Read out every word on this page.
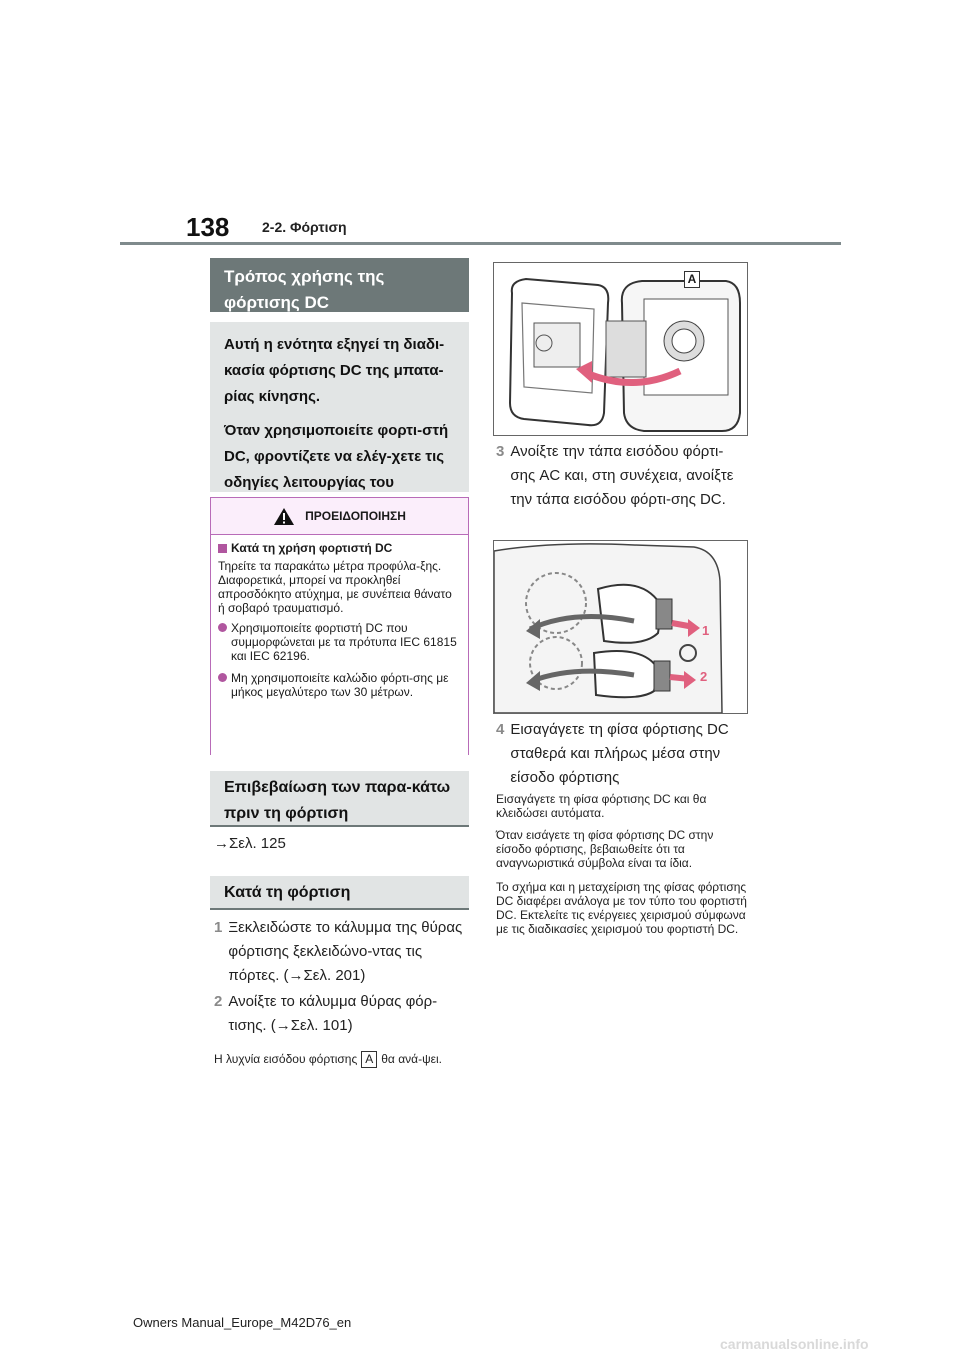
138 2-2. Φόρτιση
Τρόπος χρήσης της φόρτισης DC

Αυτή η ενότητα εξηγεί τη διαδι-κασία φόρτισης DC της μπατα-ρίας κίνησης.

Όταν χρησιμοποιείτε φορτι-στή DC, φροντίζετε να ελέγ-χετε τις οδηγίες λειτουργίας του

ΠΡΟΕΙΔΟΠΟΙΗΣΗ
Κατά τη χρήση φορτιστή DC

Τηρείτε τα παρακάτω μέτρα προφύλα-ξης. Διαφορετικά, μπορεί να προκληθεί απροσδόκητο ατύχημα, με συνέπεια θάνατο ή σοβαρό τραυματισμό.

Χρησιμοποιείτε φορτιστή DC που συμμορφώνεται με τα πρότυπα IEC 61815 και IEC 62196.
Μη χρησιμοποιείτε καλώδιο φόρτι-σης με μήκος μεγαλύτερο των 30 μέτρων.
Επιβεβαίωση των παρα-κάτω πριν τη φόρτιση
→Σελ. 125
Κατά τη φόρτιση
1 Ξεκλειδώστε το κάλυμμα της θύρας φόρτισης ξεκλειδώνο-ντας τις πόρτες. (→Σελ. 201)
2 Ανοίξτε το κάλυμμα θύρας φόρ-τισης. (→Σελ. 101)
Η λυχνία εισόδου φόρτισης A θα ανά-ψει.
A
3 Ανοίξτε την τάπα εισόδου φόρτι-σης AC και, στη συνέχεια, ανοίξτε την τάπα εισόδου φόρτι-σης DC.
1
2
4 Εισαγάγετε τη φίσα φόρτισης DC σταθερά και πλήρως μέσα στην είσοδο φόρτισης
Εισαγάγετε τη φίσα φόρτισης DC και θα κλειδώσει αυτόματα.
Όταν εισάγετε τη φίσα φόρτισης DC στην είσοδο φόρτισης, βεβαιωθείτε ότι τα αναγνωριστικά σύμβολα είναι τα ίδια.
Το σχήμα και η μεταχείριση της φίσας φόρτισης DC διαφέρει ανάλογα με τον τύπο του φορτιστή DC. Εκτελείτε τις ενέργειες χειρισμού σύμφωνα με τις διαδικασίες χειρισμού του φορτιστή DC.
Owners Manual_Europe_M42D76_en
carmanualsonline.info
